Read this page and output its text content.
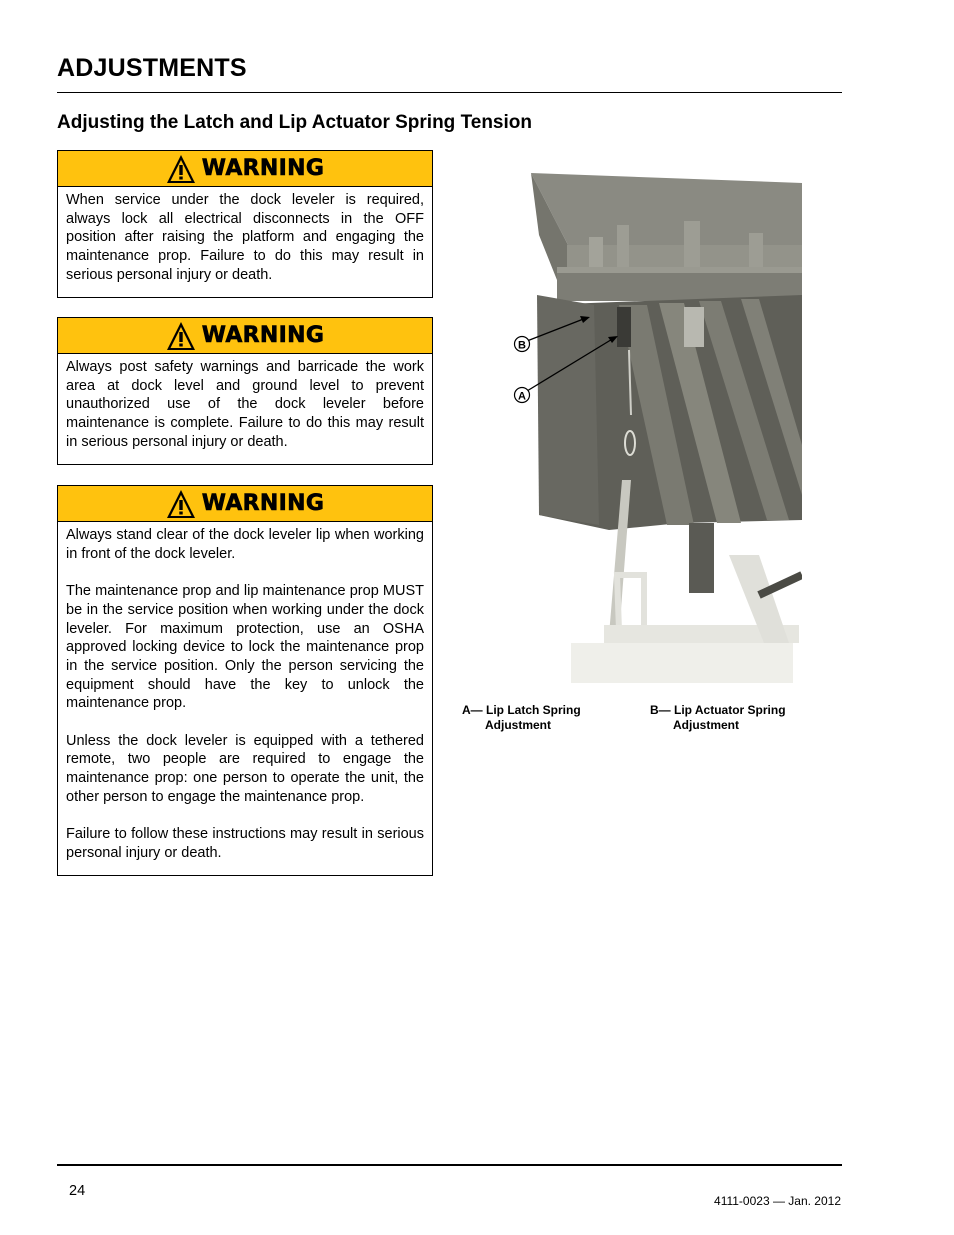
ADJUSTMENTS
Adjusting the Latch and Lip Actuator Spring Tension
WARNING

When service under the dock leveler is required, always lock all electrical disconnects in the OFF position after raising the platform and engaging the maintenance prop. Failure to do this may result in serious personal injury or death.

WARNING

Always post safety warnings and barricade the work area at dock level and ground level to prevent unauthorized use of the dock leveler before maintenance is complete. Failure to do this may result in serious personal injury or death.

WARNING

Always stand clear of the dock leveler lip when working in front of the dock leveler.

The maintenance prop and lip maintenance prop MUST be in the service position when working under the dock leveler. For maximum protection, use an OSHA approved locking device to lock the maintenance prop in the service position. Only the person servicing the equipment should have the key to unlock the maintenance prop.

Unless the dock leveler is equipped with a tethered remote, two people are required to engage the maintenance prop: one person to operate the unit, the other person to engage the maintenance prop.

Failure to follow these instructions may result in serious personal injury or death.

B
A
A— Lip Latch Spring
Adjustment
B— Lip Actuator Spring
Adjustment
24
4111-0023 — Jan. 2012
